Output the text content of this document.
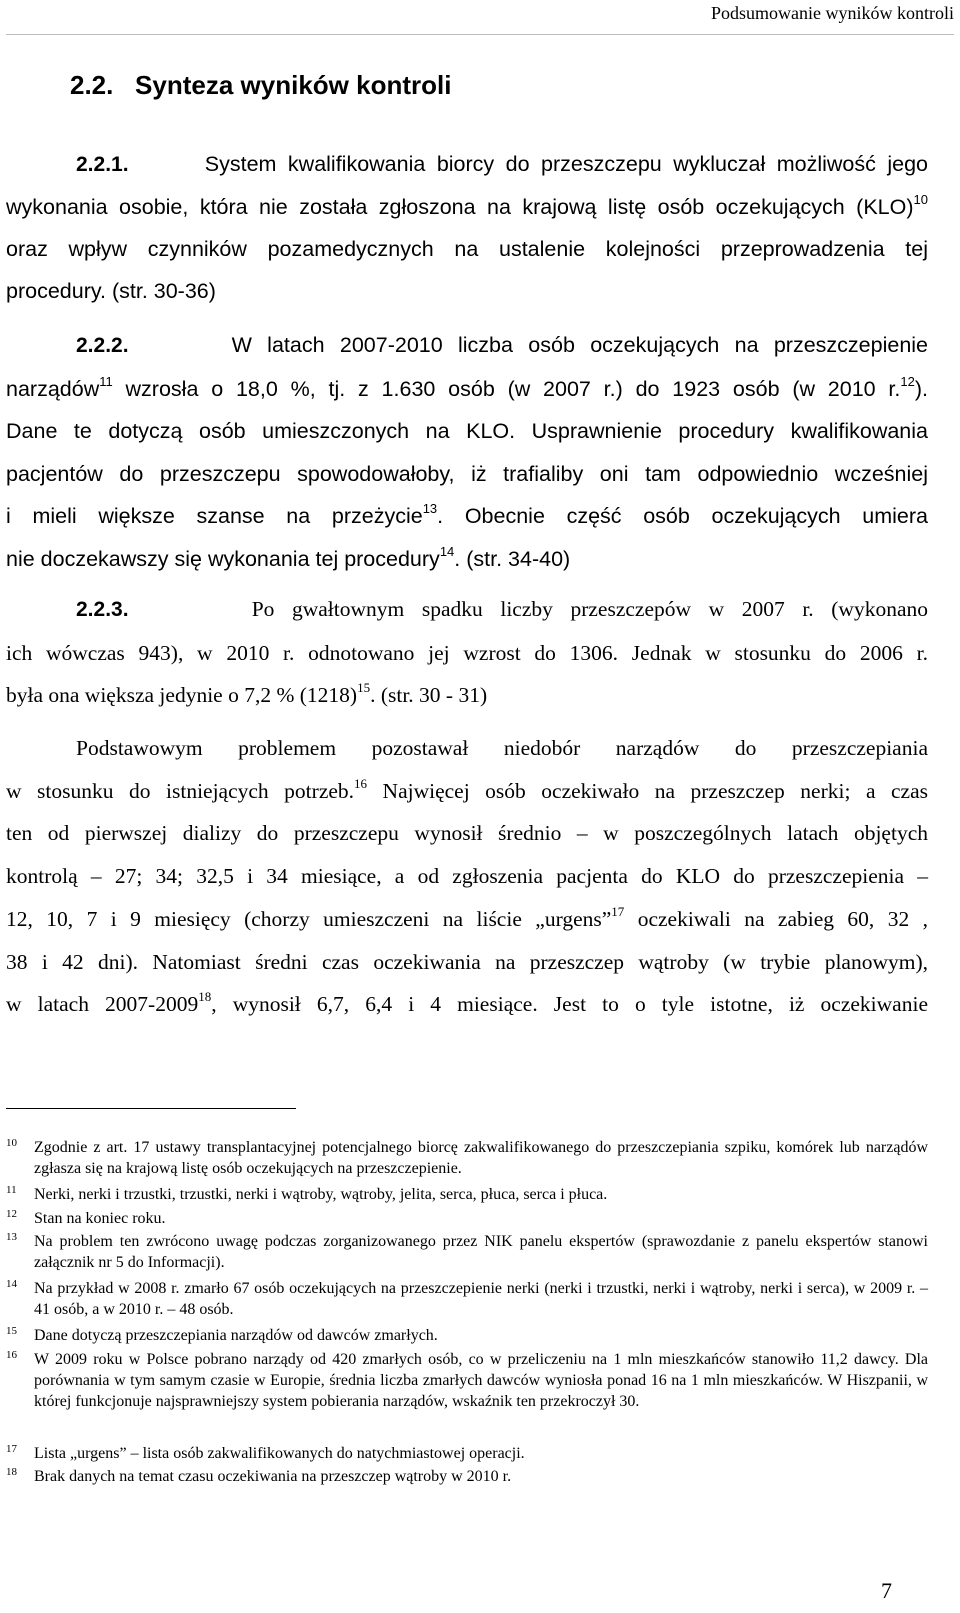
Podsumowanie wyników kontroli
2.2. Synteza wyników kontroli
2.2.1.	System kwalifikowania biorcy do przeszczepu wykluczał możliwość jego
wykonania osobie, która nie została zgłoszona na krajową listę osób oczekujących (KLO)$^{10}$
oraz wpływ czynników pozamedycznych na ustalenie kolejności przeprowadzenia tej
procedury. (str. 30-36)
2.2.2.	W latach 2007-2010 liczba osób oczekujących na przeszczepienie
narządów$^{11}$ wzrosła o 18,0 %, tj. z 1.630 osób (w 2007 r.) do 1923 osób (w 2010 r.$^{12}$).
Dane te dotyczą osób umieszczonych na KLO. Usprawnienie procedury kwalifikowania
pacjentów do przeszczepu spowodowałoby, iż trafialiby oni tam odpowiednio wcześniej
i mieli większe szanse na przeżycie$^{13}$. Obecnie część osób oczekujących umiera
nie doczekawszy się wykonania tej procedury$^{14}$. (str. 34-40)
2.2.3.	Po gwałtownym spadku liczby przeszczepów w 2007 r. (wykonano
ich wówczas 943), w 2010 r. odnotowano jej wzrost do 1306. Jednak w stosunku do 2006 r.
była ona większa jedynie o 7,2 % $(1218)^{15}$. (str. 30 - 31)
Podstawowym problemem pozostawał niedobór narządów do przeszczepiania
w stosunku do istniejących potrzeb.$^{16}$ Najwięcej osób oczekiwało na przeszczep nerki; a czas
ten od pierwszej dializy do przeszczepu wynosił średnio – w poszczególnych latach objętych
kontrolą – 27; 34; 32,5 i 34 miesiące, a od zgłoszenia pacjenta do KLO do przeszczepienia –
12, 10, 7 i 9 miesięcy (chorzy umieszczeni na liście „urgens”$^{17}$ oczekiwali na zabieg 60, 32 ,
38 i 42 dni). Natomiast średni czas oczekiwania na przeszczep wątroby (w trybie planowym),
w latach 2007-2009$^{18}$, wynosił 6,7, 6,4 i 4 miesiące. Jest to o tyle istotne, iż oczekiwanie
10 Zgodnie z art. 17 ustawy transplantacyjnej potencjalnego biorcę zakwalifikowanego do przeszczepiania szpiku, komórek lub narządów zgłasza się na krajową listę osób oczekujących na przeszczepienie.
11 Nerki, nerki i trzustki, trzustki, nerki i wątroby, wątroby, jelita, serca, płuca, serca i płuca.
12 Stan na koniec roku.
13 Na problem ten zwrócono uwagę podczas zorganizowanego przez NIK panelu ekspertów (sprawozdanie z panelu ekspertów stanowi załącznik nr 5 do Informacji).
14 Na przykład w 2008 r. zmarło 67 osób oczekujących na przeszczepienie nerki (nerki i trzustki, nerki i wątroby, nerki i serca), w 2009 r. – 41 osób, a w 2010 r. – 48 osób.
15 Dane dotyczą przeszczepiania narządów od dawców zmarłych.
16 W 2009 roku w Polsce pobrano narządy od 420 zmarłych osób, co w przeliczeniu na 1 mln mieszkańców stanowiło 11,2 dawcy. Dla porównania w tym samym czasie w Europie, średnia liczba zmarłych dawców wyniosła ponad 16 na 1 mln mieszkańców. W Hiszpanii, w której funkcjonuje najsprawniejszy system pobierania narządów, wskaźnik ten przekroczył 30.
17 Lista „urgens” – lista osób zakwalifikowanych do natychmiastowej operacji.
18 Brak danych na temat czasu oczekiwania na przeszczep wątroby w 2010 r.
7
